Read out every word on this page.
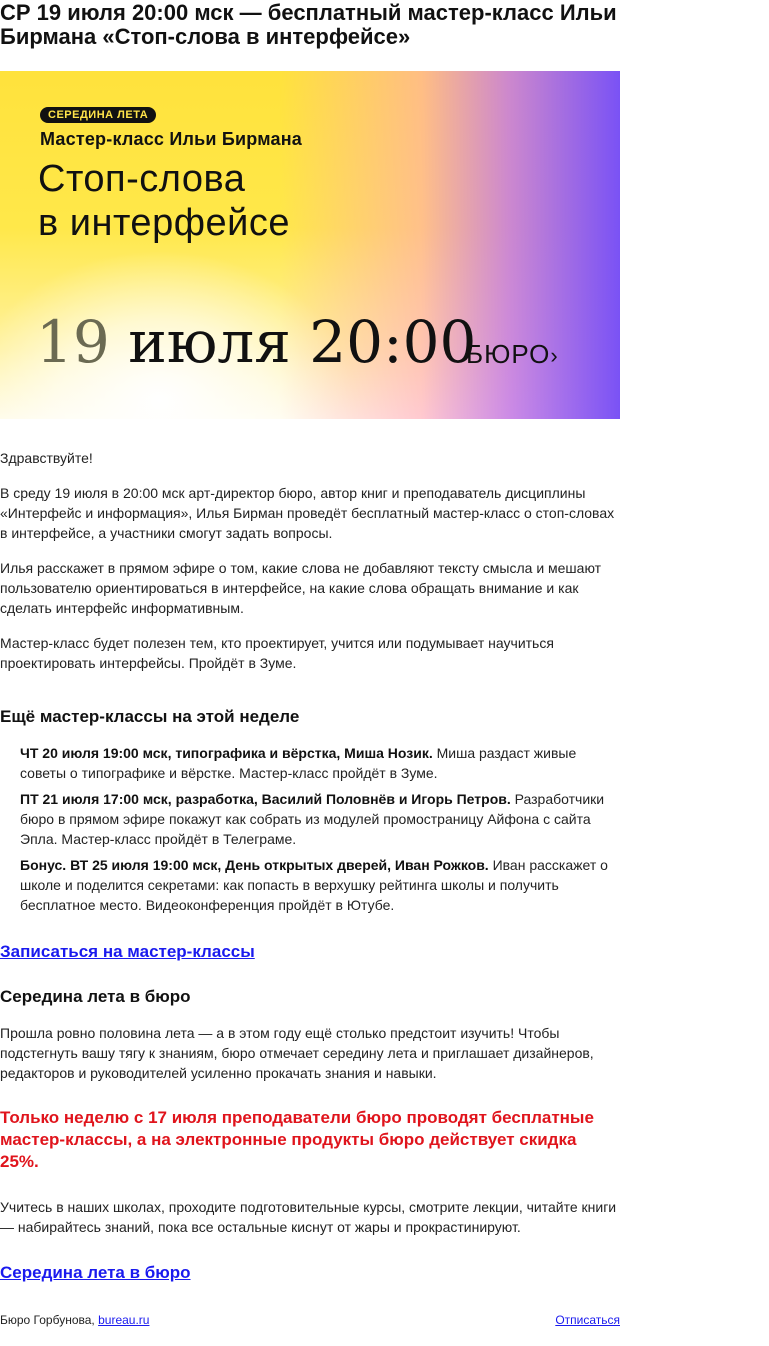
СР 19 июля 20:00 мск — бесплатный мастер-класс Ильи Бирмана «Стоп-слова в интерфейсе»
СЕРЕДИНА ЛЕТА
Мастер-класс Ильи Бирмана
Стоп-слова
в интерфейсе
19 июля 20:00
БЮРО›

Здравствуйте!

В среду 19 июля в 20:00 мск арт-директор бюро, автор книг и преподаватель дисциплины «Интерфейс и информация», Илья Бирман проведёт бесплатный мастер-класс о стоп-словах в интерфейсе, а участники смогут задать вопросы.

Илья расскажет в прямом эфире о том, какие слова не добавляют тексту смысла и мешают пользователю ориентироваться в интерфейсе, на какие слова обращать внимание и как сделать интерфейс информативным.

Мастер-класс будет полезен тем, кто проектирует, учится или подумывает научиться проектировать интерфейсы. Пройдёт в Зуме.

Ещё мастер-классы на этой неделе
ЧТ 20 июля 19:00 мск, типографика и вёрстка, Миша Нозик. Миша раздаст живые советы о типографике и вёрстке. Мастер-класс пройдёт в Зуме.
ПТ 21 июля 17:00 мск, разработка, Василий Половнёв и Игорь Петров. Разработчики бюро в прямом эфире покажут как собрать из модулей промостраницу Айфона с сайта Эпла. Мастер-класс пройдёт в Телеграме.
Бонус. ВТ 25 июля 19:00 мск, День открытых дверей, Иван Рожков. Иван расскажет о школе и поделится секретами: как попасть в верхушку рейтинга школы и получить бесплатное место. Видеоконференция пройдёт в Ютубе.
Записаться на мастер-классы
Середина лета в бюро

Прошла ровно половина лета — а в этом году ещё столько предстоит изучить! Чтобы подстегнуть вашу тягу к знаниям, бюро отмечает середину лета и приглашает дизайнеров, редакторов и руководителей усиленно прокачать знания и навыки.

Только неделю с 17 июля преподаватели бюро проводят бесплатные мастер-классы, а на электронные продукты бюро действует скидка 25%.

Учитесь в наших школах, проходите подготовительные курсы, смотрите лекции, читайте книги — набирайтесь знаний, пока все остальные киснут от жары и прокрастинируют.

Середина лета в бюро
Бюро Горбунова, bureau.ru	Отписаться
